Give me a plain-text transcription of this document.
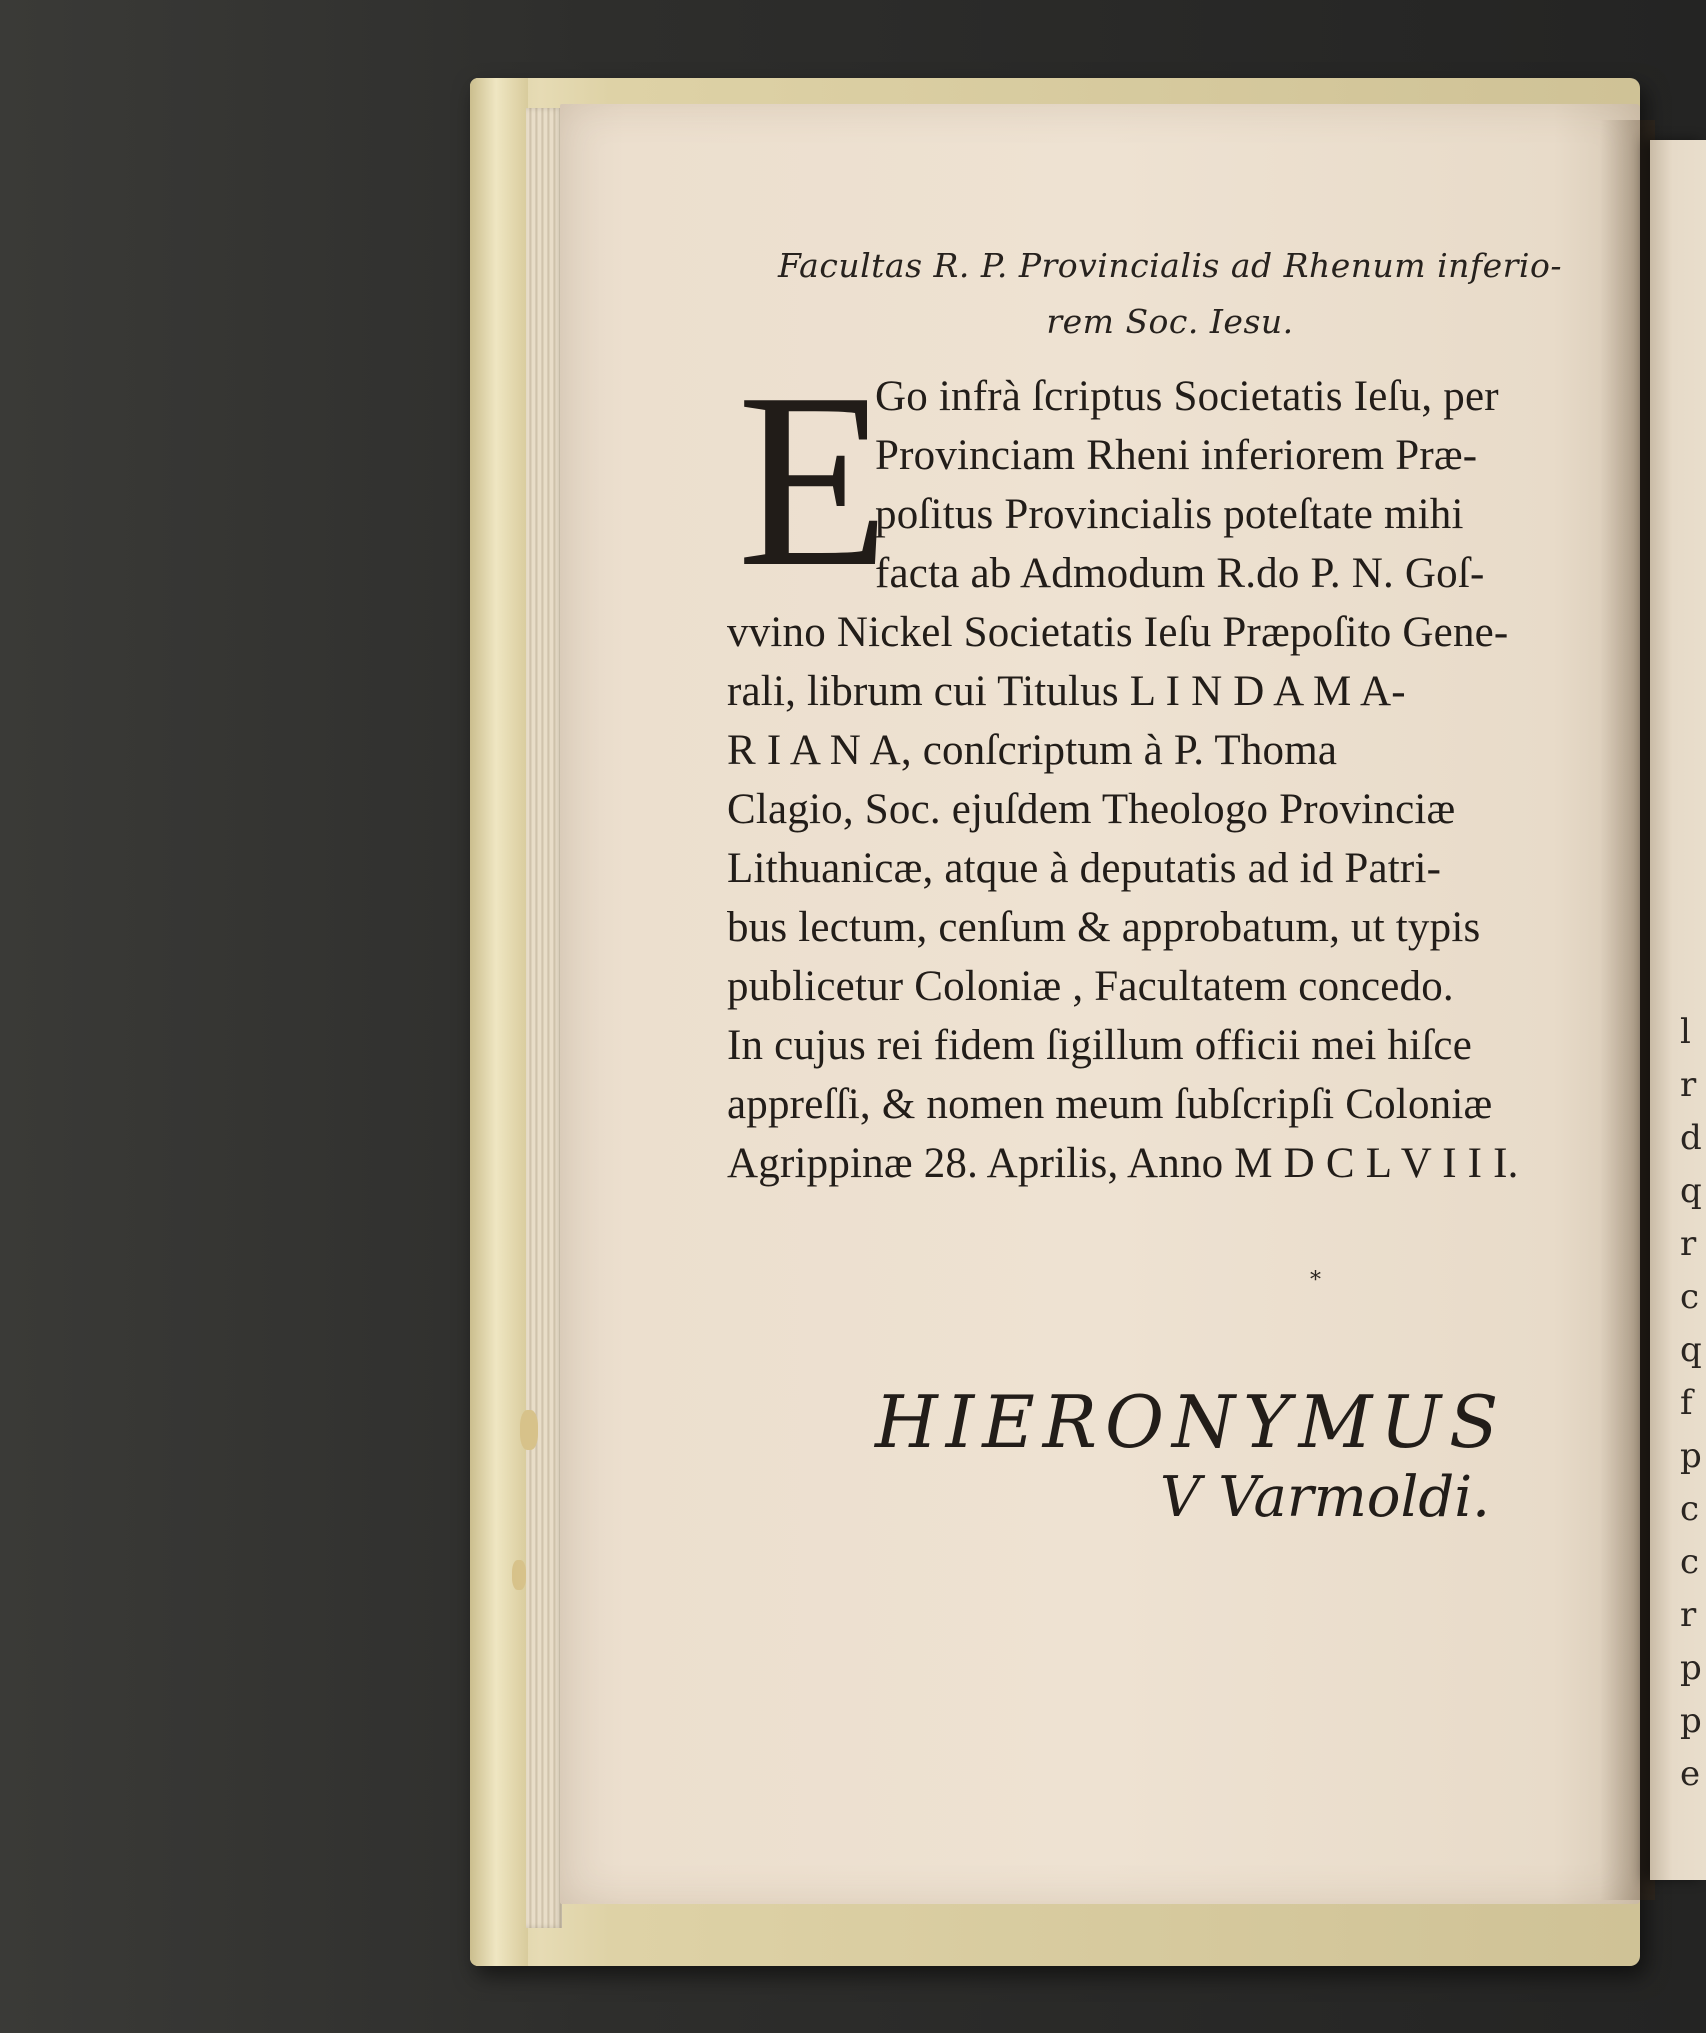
l
r
d
q
r
c
q
f
p
c
c
r
p
p
e
Facultas R. P. Provincialis ad Rhenum inferio-
rem Soc. Iesu.
E
Go infrà ſcriptus Societatis Ieſu, per
Provinciam Rheni inferiorem Præ-
poſitus Provincialis poteſtate mihi
facta ab Admodum R.do P. N. Goſ-
vvino Nickel Societatis Ieſu Præpoſito Gene-
rali, librum cui Titulus L I N D A M A-
R I A N A, conſcriptum à P. Thoma
Clagio, Soc. ejuſdem Theologo Provinciæ
Lithuanicæ, atque à deputatis ad id Patri-
bus lectum, cenſum & approbatum, ut typis
publicetur Coloniæ , Facultatem concedo.
In cujus rei fidem ſigillum officii mei hiſce
appreſſi, & nomen meum ſubſcripſi Coloniæ
Agrippinæ 28. Aprilis, Anno M D C L V I I I.
*
HIERONYMUS
V Varmoldi.
